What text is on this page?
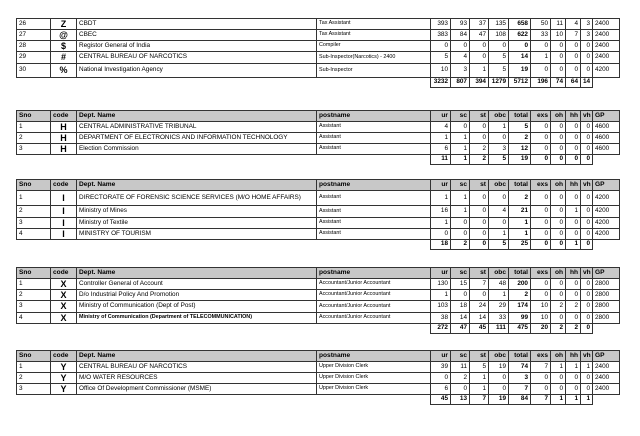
26	Z	CBDT	Tax Assistant	393	93	37	135	658	50	11	4	3	2400
27	@	CBEC	Tax Assistant	383	84	47	108	622	33	10	7	3	2400
28	$	Registor General of India	Compiler	0	0	0	0	0	0	0	0	0	2400
29	#	CENTRAL BUREAU OF NARCOTICS	Sub-Inspector(Narcotics) - 2400	5	4	0	5	14	1	0	0	0	2400
30	%	National Investigation Agency	Sub-Inspector	10	3	1	5	19	0	0	0	0	4200
				3232	807	394	1279	5712	196	74	64	14	
Sno	code	Dept. Name	postname	ur	sc	st	obc	total	exs	oh	hh	vh	GP
1	H	CENTRAL ADMINISTRATIVE TRIBUNAL	Assistant	4	0	0	1	5	0	0	0	0	4600
2	H	DEPARTMENT OF ELECTRONICS AND INFORMATION TECHNOLOGY	Assistant	1	1	0	0	2	0	0	0	0	4600
3	H	Election Commission	Assistant	6	1	2	3	12	0	0	0	0	4600
				11	1	2	5	19	0	0	0	0	
Sno	code	Dept. Name	postname	ur	sc	st	obc	total	exs	oh	hh	vh	GP
1	I	DIRECTORATE OF FORENSIC SCIENCE SERVICES (M/O HOME AFFAIRS)	Assistant	1	1	0	0	2	0	0	0	0	4200
2	I	Ministry of Mines	Assistant	16	1	0	4	21	0	0	1	0	4200
3	I	Ministry of Textile	Assistant	1	0	0	0	1	0	0	0	0	4200
4	I	MINISTRY OF TOURISM	Assistant	0	0	0	1	1	0	0	0	0	4200
				18	2	0	5	25	0	0	1	0	
Sno	code	Dept. Name	postname	ur	sc	st	obc	total	exs	oh	hh	vh	GP
1	X	Controller General of Account	Accountant/Junior Accountant	130	15	7	48	200	0	0	0	0	2800
2	X	D/o Industrial Policy And Promotion	Accountant/Junior Accountant	1	0	0	1	2	0	0	0	0	2800
3	X	Ministry of Communication (Dept of Post)	Accountant/Junior Accountant	103	18	24	29	174	10	2	2	0	2800
4	X	Ministry of Communication (Department of TELECOMMUNICATION)	Accountant/Junior Accountant	38	14	14	33	99	10	0	0	0	2800
				272	47	45	111	475	20	2	2	0	
Sno	code	Dept. Name	postname	ur	sc	st	obc	total	exs	oh	hh	vh	GP
1	Y	CENTRAL BUREAU OF NARCOTICS	Upper Division Clerk	39	11	5	19	74	7	1	1	1	2400
2	Y	M/O WATER RESOURCES	Upper Division Clerk	0	2	1	0	3	0	0	0	0	2400
3	Y	Office Of Development Commissioner (MSME)	Upper Division Clerk	6	0	1	0	7	0	0	0	0	2400
				45	13	7	19	84	7	1	1	1	
